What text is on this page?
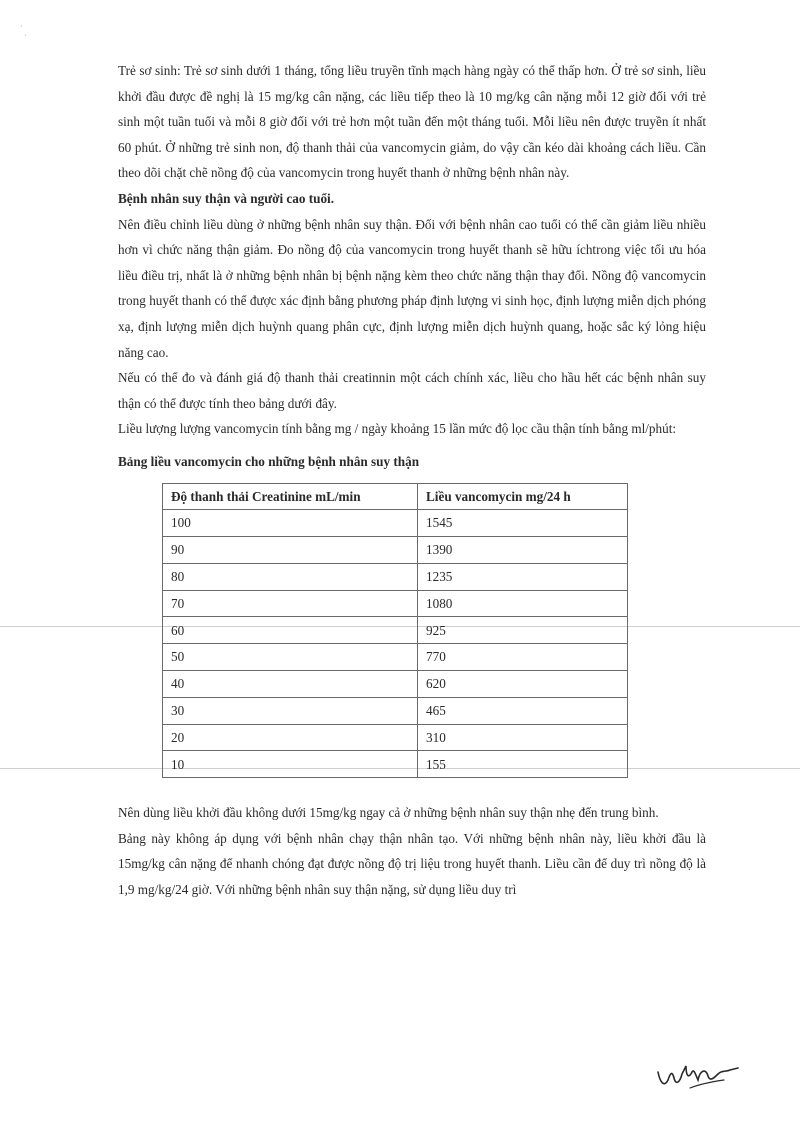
·
·

Trẻ sơ sinh: Trẻ sơ sinh dưới 1 tháng, tổng liều truyền tĩnh mạch hàng ngày có thể thấp hơn. Ở trẻ sơ sinh, liều khởi đầu được đề nghị là 15 mg/kg cân nặng, các liều tiếp theo là 10 mg/kg cân nặng mỗi 12 giờ đối với trẻ sinh một tuần tuổi và mỗi 8 giờ đối với trẻ hơn một tuần đến một tháng tuổi. Mỗi liều nên được truyền ít nhất 60 phút. Ở những trẻ sinh non, độ thanh thải của vancomycin giảm, do vậy cần kéo dài khoảng cách liều. Cần theo dõi chặt chẽ nồng độ của vancomycin trong huyết thanh ở những bệnh nhân này.

Bệnh nhân suy thận và người cao tuổi.

Nên điều chỉnh liều dùng ở những bệnh nhân suy thận. Đối với bệnh nhân cao tuổi có thể cần giảm liều nhiều hơn vì chức năng thận giảm. Đo nồng độ của vancomycin trong huyết thanh sẽ hữu íchtrong việc tối ưu hóa liều điều trị, nhất là ở những bệnh nhân bị bệnh nặng kèm theo chức năng thận thay đổi. Nồng độ vancomycin trong huyết thanh có thể được xác định bằng phương pháp định lượng vi sinh học, định lượng miễn dịch phóng xạ, định lượng miễn dịch huỳnh quang phân cực, định lượng miễn dịch huỳnh quang, hoặc sắc ký lỏng hiệu năng cao.

Nếu có thể đo và đánh giá độ thanh thải creatinnin một cách chính xác, liều cho hầu hết các bệnh nhân suy thận có thể được tính theo bảng dưới đây.

Liều lượng lượng vancomycin tính bằng mg / ngày khoảng 15 lần mức độ lọc cầu thận tính bằng ml/phút:

Bảng liều vancomycin cho những bệnh nhân suy thận

Độ thanh thải Creatinine mL/min	Liều vancomycin mg/24 h
100	1545
90	1390
80	1235
70	1080
60	925
50	770
40	620
30	465
20	310
10	155

Nên dùng liều khởi đầu không dưới 15mg/kg ngay cả ở những bệnh nhân suy thận nhẹ đến trung bình.

Bảng này không áp dụng với bệnh nhân chạy thận nhân tạo. Với những bệnh nhân này, liều khởi đầu là 15mg/kg cân nặng để nhanh chóng đạt được nồng độ trị liệu trong huyết thanh. Liều cần để duy trì nồng độ là 1,9 mg/kg/24 giờ. Với những bệnh nhân suy thận nặng, sử dụng liều duy trì
